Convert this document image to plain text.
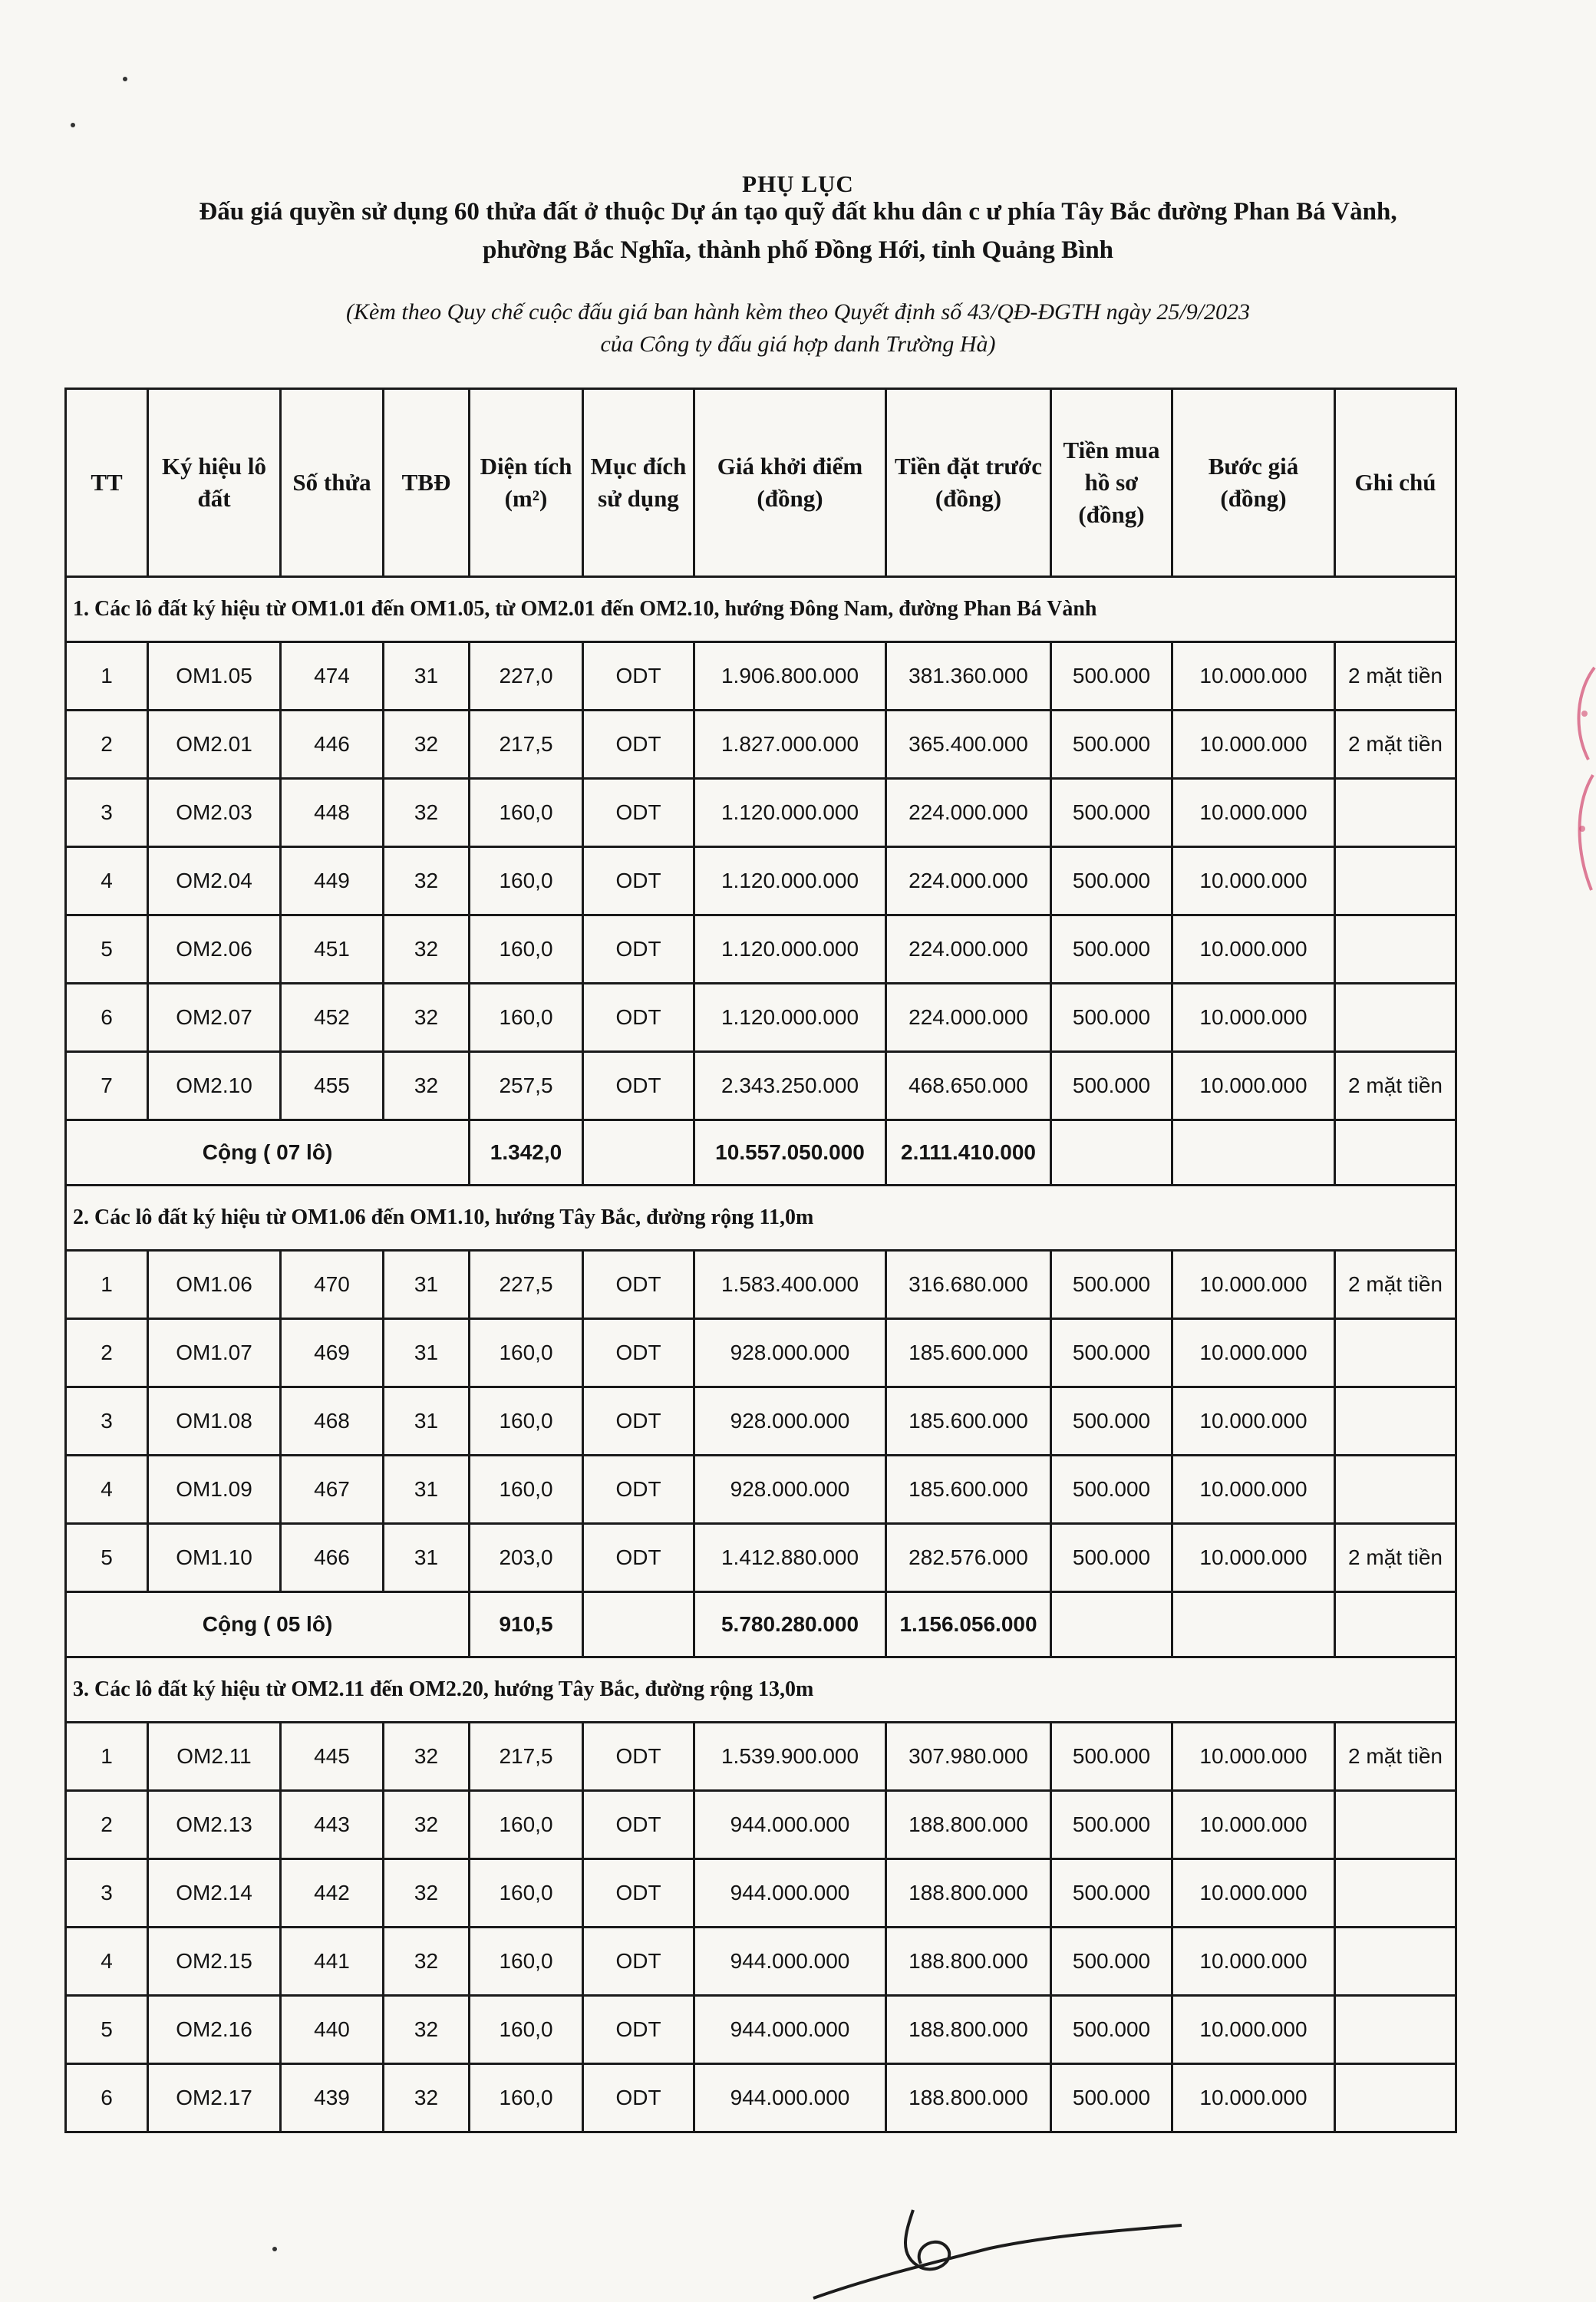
PHỤ LỤC
Đấu giá quyền sử dụng 60 thửa đất ở thuộc Dự án tạo quỹ đất khu dân c ư phía Tây Bắc đường Phan Bá Vành,
phường Bắc Nghĩa, thành phố Đồng Hới, tỉnh Quảng Bình
(Kèm theo Quy chế cuộc đấu giá ban hành kèm theo Quyết định số 43/QĐ-ĐGTH ngày 25/9/2023
của Công ty đấu giá hợp danh Trường Hà)
TT	Ký hiệu lô đất	Số thửa	TBĐ	Diện tích (m²)	Mục đích sử dụng	Giá khởi điểm (đồng)	Tiền đặt trước (đồng)	Tiền mua hồ sơ (đồng)	Bước giá (đồng)	Ghi chú
1. Các lô đất ký hiệu từ OM1.01 đến OM1.05, từ OM2.01 đến OM2.10, hướng Đông Nam, đường Phan Bá Vành										
1	OM1.05	474	31	227,0	ODT	1.906.800.000	381.360.000	500.000	10.000.000	2 mặt tiền
2	OM2.01	446	32	217,5	ODT	1.827.000.000	365.400.000	500.000	10.000.000	2 mặt tiền
3	OM2.03	448	32	160,0	ODT	1.120.000.000	224.000.000	500.000	10.000.000	
4	OM2.04	449	32	160,0	ODT	1.120.000.000	224.000.000	500.000	10.000.000	
5	OM2.06	451	32	160,0	ODT	1.120.000.000	224.000.000	500.000	10.000.000	
6	OM2.07	452	32	160,0	ODT	1.120.000.000	224.000.000	500.000	10.000.000	
7	OM2.10	455	32	257,5	ODT	2.343.250.000	468.650.000	500.000	10.000.000	2 mặt tiền
Cộng ( 07 lô)				1.342,0		10.557.050.000	2.111.410.000			
2. Các lô đất ký hiệu từ OM1.06 đến OM1.10, hướng Tây Bắc, đường rộng 11,0m										
1	OM1.06	470	31	227,5	ODT	1.583.400.000	316.680.000	500.000	10.000.000	2 mặt tiền
2	OM1.07	469	31	160,0	ODT	928.000.000	185.600.000	500.000	10.000.000	
3	OM1.08	468	31	160,0	ODT	928.000.000	185.600.000	500.000	10.000.000	
4	OM1.09	467	31	160,0	ODT	928.000.000	185.600.000	500.000	10.000.000	
5	OM1.10	466	31	203,0	ODT	1.412.880.000	282.576.000	500.000	10.000.000	2 mặt tiền
Cộng ( 05 lô)				910,5		5.780.280.000	1.156.056.000			
3. Các lô đất ký hiệu từ OM2.11 đến OM2.20, hướng Tây Bắc, đường rộng 13,0m										
1	OM2.11	445	32	217,5	ODT	1.539.900.000	307.980.000	500.000	10.000.000	2 mặt tiền
2	OM2.13	443	32	160,0	ODT	944.000.000	188.800.000	500.000	10.000.000	
3	OM2.14	442	32	160,0	ODT	944.000.000	188.800.000	500.000	10.000.000	
4	OM2.15	441	32	160,0	ODT	944.000.000	188.800.000	500.000	10.000.000	
5	OM2.16	440	32	160,0	ODT	944.000.000	188.800.000	500.000	10.000.000	
6	OM2.17	439	32	160,0	ODT	944.000.000	188.800.000	500.000	10.000.000	
